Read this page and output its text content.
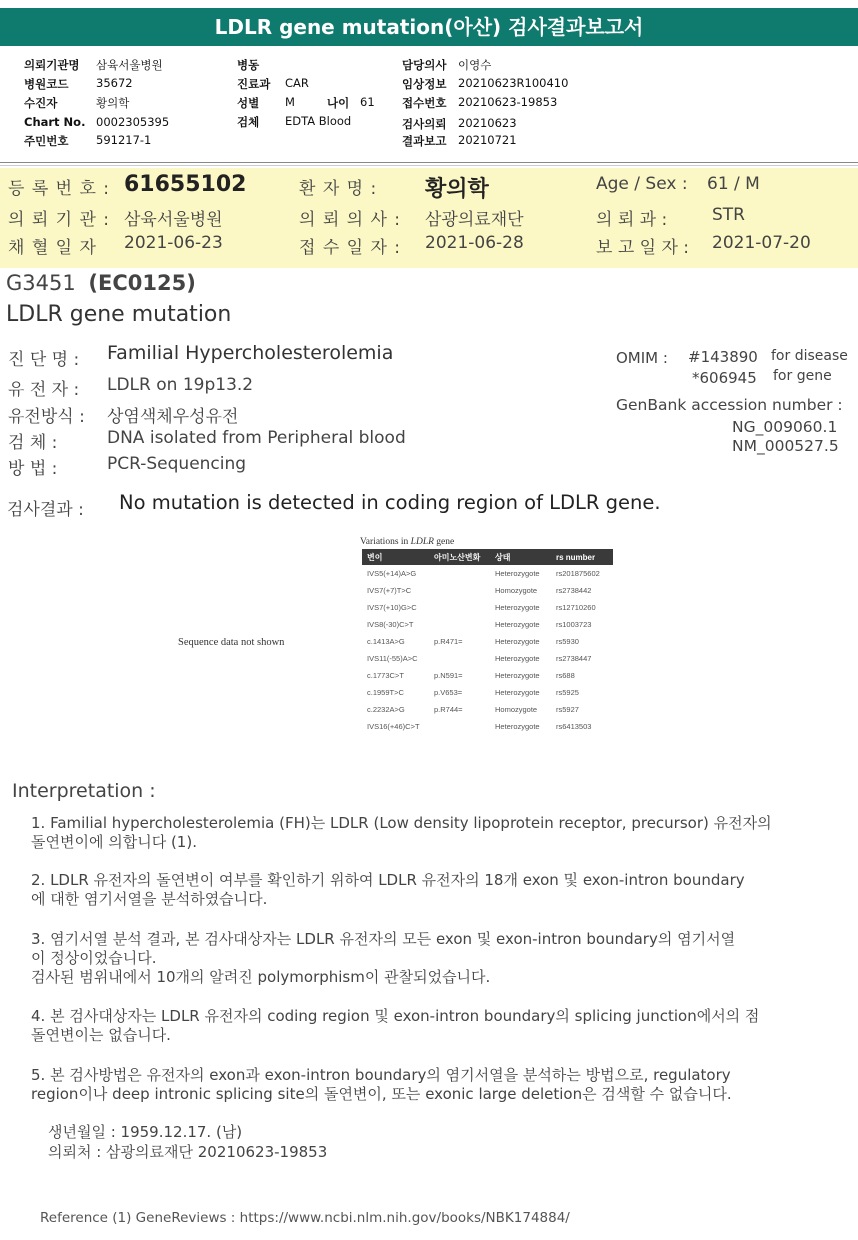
LDLR gene mutation(아산) 검사결과보고서
의뢰기관명 삼육서울병원
병원코드 35672
수진자	황의학
Chart No. 0002305395
주민번호 591217-1
병동
진료과 CAR
성별 M	나이 61
검체 EDTA Blood
담당의사 이영수
임상정보 20210623R100410
접수번호 20210623-19853
검사의뢰 20210623
결과보고 20210721
등 록 번 호 : 61655102	환 자 명 : 황의학	Age / Sex : 61 / M
의 뢰 기 관 : 삼육서울병원	의 뢰 의 사 : 삼광의료재단	의 뢰 과 :	STR
채 혈 일 자 2021-06-23	접 수 일 자 : 2021-06-28	보 고 일 자 : 2021-07-20
G3451 (EC0125)
LDLR gene mutation
진 단 명 : Familial Hypercholesterolemia
유 전 자 : LDLR on 19p13.2
유전방식 : 상염색체우성유전
검 체 :	DNA isolated from Peripheral blood
방 법 :	PCR-Sequencing
OMIM : #143890 for disease
*606945 for gene
GenBank accession number :
NG_009060.1
NM_000527.5
검사결과 : No mutation is detected in coding region of LDLR gene.
Sequence data not shown
Variations in LDLR gene
변이	아미노산변화	상태	rs number
IVS5(+14)A>G		Heterozygote	rs201875602
IVS7(+7)T>C		Homozygote	rs2738442
IVS7(+10)G>C		Heterozygote	rs12710260
IVS8(-30)C>T		Heterozygote	rs1003723
c.1413A>G	p.R471=	Heterozygote	rs5930
IVS11(-55)A>C		Heterozygote	rs2738447
c.1773C>T	p.N591=	Heterozygote	rs688
c.1959T>C	p.V653=	Heterozygote	rs5925
c.2232A>G	p.R744=	Homozygote	rs5927
IVS16(+46)C>T		Heterozygote	rs6413503
Interpretation :
1. Familial hypercholesterolemia (FH)는 LDLR (Low density lipoprotein receptor, precursor) 유전자의
돌연변이에 의합니다 (1).
2. LDLR 유전자의 돌연변이 여부를 확인하기 위하여 LDLR 유전자의 18개 exon 및 exon-intron boundary
에 대한 염기서열을 분석하였습니다.
3. 염기서열 분석 결과, 본 검사대상자는 LDLR 유전자의 모든 exon 및 exon-intron boundary의 염기서열
이 정상이었습니다.
검사된 범위내에서 10개의 알려진 polymorphism이 관찰되었습니다.
4. 본 검사대상자는 LDLR 유전자의 coding region 및 exon-intron boundary의 splicing junction에서의 점
돌연변이는 없습니다.
5. 본 검사방법은 유전자의 exon과 exon-intron boundary의 염기서열을 분석하는 방법으로, regulatory
region이나 deep intronic splicing site의 돌연변이, 또는 exonic large deletion은 검색할 수 없습니다.
생년월일 : 1959.12.17. (남)
의뢰처 : 삼광의료재단 20210623-19853
Reference (1) GeneReviews : https://www.ncbi.nlm.nih.gov/books/NBK174884/
